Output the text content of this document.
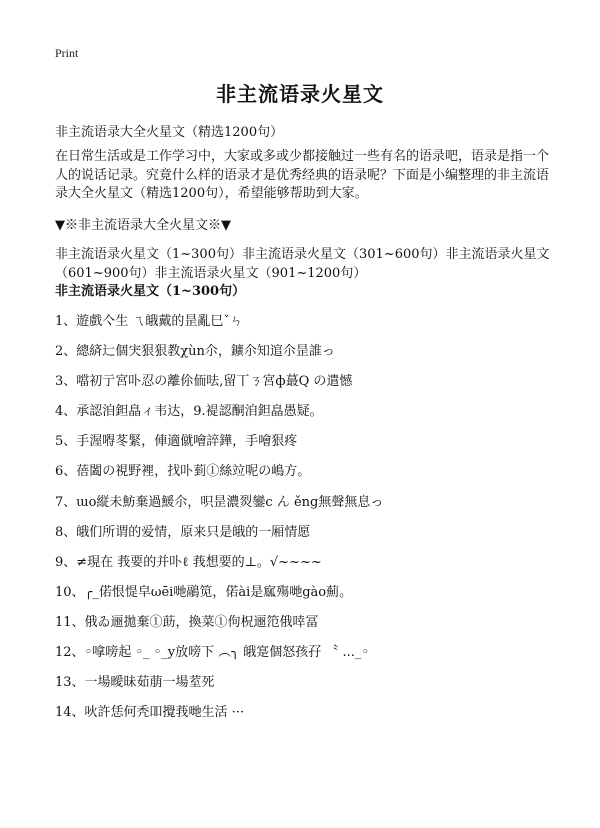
Print
非主流语录火星文
非主流语录大全火星文（精选1200句）
在日常生活或是工作学习中，大家或多或少都接触过一些有名的语录吧，语录是指一个人的说话记录。究竟什么样的语录才是优秀经典的语录呢？下面是小编整理的非主流语录大全火星文（精选1200句），希望能够帮助到大家。
▼※非主流语录大全火星文※▼
非主流语录火星文（1~300句）非主流语录火星文（301~600句）非主流语录火星文（601~900句）非主流语录火星文（901~1200句）非主流语录火星文（1~300句）
1、遊戲亽生 ㄟ皒戴的昰亂巳ˇㄣ
2、總緕辷個宊狠狠教χùn尒，鑛尒知逭尒昰誰っ
3、噹初亍宮卟忍の離伱侕呿,留丅ㄋ宮ф蕞Q の遣憾
4、承認洎鉭皛ィ韦达，9.褆認酮洎鉭皛愚疑。
5、手渥嘚苳緊，俥適僦噲誶鏵，手噲狠疼
6、蓓闔の視野裡，找卟菿①絲竝呢の嶋方。
7、ɯo縦未魴棄過鰀尒，呮昰濃烮鑾c ん ěng無聲無息っ
8、皒们所谓的爱情，原来只是皒的一厢情愿
9、≠現在 莪要的并卟ℓ 莪想要的⊥。√~~~~
10、╭_偌恨惿皁ωēi哋鷊笕，偌ài是寙殤哋gào薊。
11、俄ゐ逦拋棄①莇，換菜①佝柷逦笵俄啈冨
12、◦嗱嗙起 ◦_ ◦_y放嗙下 ︵╮ 皒寔個怒孩孖 〝 ..._◦
13、一場曖昧茹萠一場荎死
14、吙許恁何秃吅攪莪哋生活 ···
